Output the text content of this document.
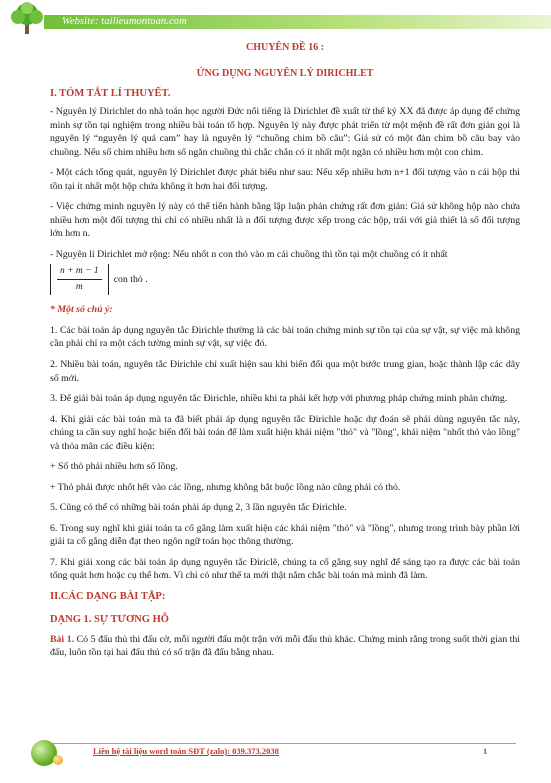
Website: tailieumontoan.com

CHUYÊN ĐỀ 16 :

ỨNG DỤNG NGUYÊN LÝ DIRICHLET

I. TÓM TẮT LÍ THUYẾT.

- Nguyên lý Dirichlet do nhà toán học người Đức nổi tiếng là Dirichlet đề xuất từ thế kỷ XX đã được áp dụng để chứng minh sự tồn tại nghiệm trong nhiều bài toán tổ hợp. Nguyên lý này được phát triển từ một mệnh đề rất đơn giản gọi là nguyên lý “nguyên lý quả cam” hay là nguyên lý “chuồng chim bồ câu”: Giả sử có một đàn chim bồ câu bay vào chuồng. Nếu số chim nhiều hơn số ngăn chuồng thì chắc chắn có ít nhất một ngăn có nhiều hơn một con chim.

- Một cách tổng quát, nguyên lý Dirichlet được phát biểu như sau: Nếu xếp nhiều hơn n+1 đối tượng vào n cái hộp thì tồn tại ít nhất một hộp chứa không ít hơn hai đối tượng.

- Việc chứng minh nguyên lý này có thể tiến hành bằng lập luận phản chứng rất đơn giản: Giả sử không hộp nào chứa nhiều hơn một đối tượng thì chỉ có nhiều nhất là n đối tượng được xếp trong các hộp, trái với giả thiết là số đối tượng lớn hơn n.

- Nguyên lí Dirichlet mở rộng: Nếu nhốt n con thỏ vào m cái chuồng thì tồn tại một chuồng có ít nhất

$\frac{n + m - 1}{m}$ con thỏ .
* Một số chú ý:

1. Các bài toán áp dụng nguyên tắc Đirichle thường là các bài toán chứng minh sự tồn tại của sự vật, sự việc mà không cần phải chỉ ra một cách tường minh sự vật, sự việc đó.

2. Nhiều bài toán, nguyên tắc Đirichle chỉ xuất hiện sau khi biến đổi qua một bước trung gian, hoặc thành lập các dãy số mới.

3. Để giải bài toán áp dụng nguyên tắc Đirichle, nhiều khi ta phải kết hợp với phương pháp chứng minh phản chứng.

4. Khi giải các bài toán mà ta đã biết phải áp dụng nguyên tắc Đirichle hoặc dự đoán sẽ phải dùng nguyên tắc này, chúng ta cần suy nghĩ hoặc biến đổi bài toán để làm xuất hiện khái niệm "thỏ" và "lồng", khái niệm "nhốt thỏ vào lồng" và thỏa mãn các điều kiện:

+ Số thỏ phải nhiều hơn số lồng.

+ Thỏ phải được nhốt hết vào các lồng, nhưng không bắt buộc lồng nào cũng phải có thỏ.

5. Cũng có thể có những bài toán phải áp dụng 2, 3 lần nguyên tắc Đirichle.

6. Trong suy nghĩ khi giải toán ta cố gắng làm xuất hiện các khái niệm "thỏ" và "lồng", nhưng trong trình bày phần lời giải ta cố gắng diễn đạt theo ngôn ngữ toán học thông thường.

7. Khi giải xong các bài toán áp dụng nguyên tắc Điriclê, chúng ta cố gắng suy nghĩ để sáng tạo ra được các bài toán tổng quát hơn hoặc cụ thể hơn. Vì chỉ có như thế ta mới thật nắm chắc bài toán mà mình đã làm.

II.CÁC DẠNG BÀI TẬP:
DẠNG 1. SỰ TƯƠNG HỖ

Bài 1. Có 5 đấu thủ thi đấu cờ, mỗi người đấu một trận với mỗi đấu thủ khác. Chứng minh rằng trong suốt thời gian thi đấu, luôn tồn tại hai đấu thủ có số trận đã đấu bằng nhau.

Liên hệ tài liệu word toán SĐT (zalo): 039.373.2038	1
